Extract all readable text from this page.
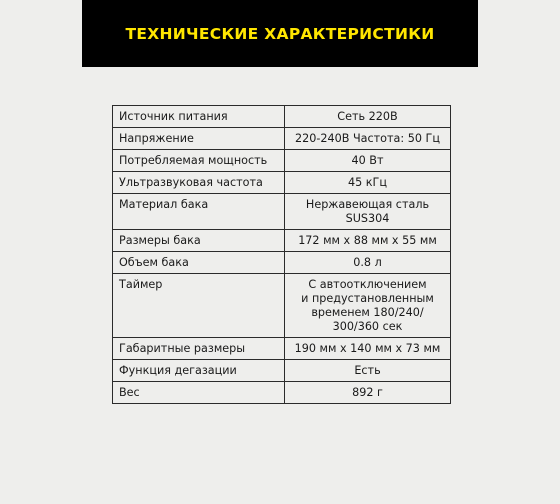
ТЕХНИЧЕСКИЕ ХАРАКТЕРИСТИКИ
Источник питания	Сеть 220В

Напряжение	220-240В Частота: 50 Гц

Потребляемая мощность	40 Вт

Ультразвуковая частота	45 кГц

Материал бака	Нержавеющая сталь
SUS304

Размеры бака	172 мм х 88 мм х 55 мм

Объем бака	0.8 л

Таймер	С автоотключением
и предустановленным
временем 180/240/
300/360 сек

Габаритные размеры	190 мм х 140 мм х 73 мм

Функция дегазации	Есть

Вес	892 г
